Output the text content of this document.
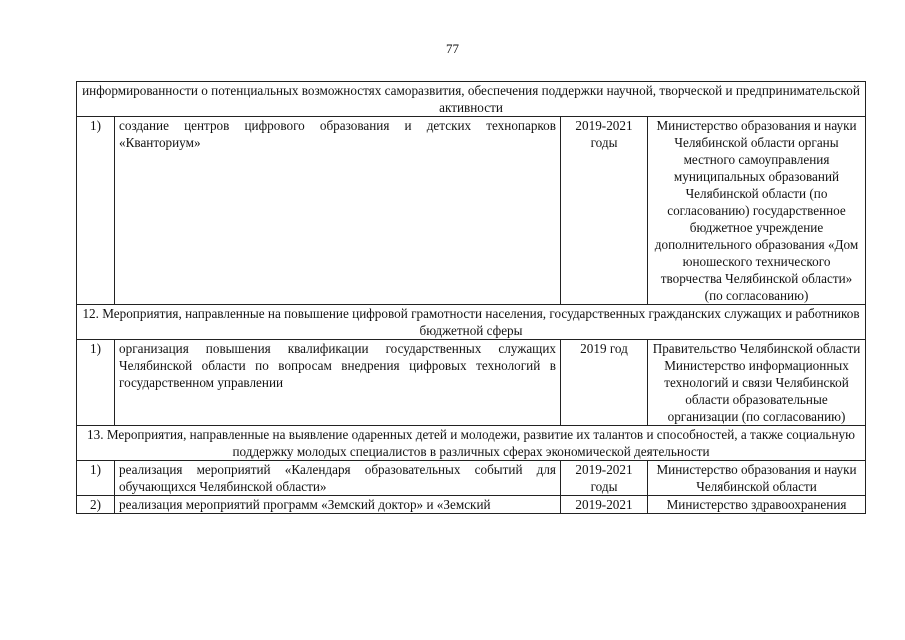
77
информированности о потенциальных возможностях саморазвития, обеспечения поддержки научной, творческой и предпринимательской активности			
1)	создание центров цифрового образования и детских технопарков «Кванториум»	2019-2021 годы	Министерство образования и науки Челябинской области органы местного самоуправления муниципальных образований Челябинской области (по согласованию) государственное бюджетное учреждение дополнительного образования «Дом юношеского технического творчества Челябинской области» (по согласованию)
12. Мероприятия, направленные на повышение цифровой грамотности населения, государственных гражданских служащих и работников бюджетной сферы			
1)	организация повышения квалификации государственных служащих Челябинской области по вопросам внедрения цифровых технологий в государственном управлении	2019 год	Правительство Челябинской области Министерство информационных технологий и связи Челябинской области образовательные организации (по согласованию)
13. Мероприятия, направленные на выявление одаренных детей и молодежи, развитие их талантов и способностей, а также социальную поддержку молодых специалистов в различных сферах экономической деятельности			
1)	реализация мероприятий «Календаря образовательных событий для обучающихся Челябинской области»	2019-2021 годы	Министерство образования и науки Челябинской области
2)	реализация мероприятий программ «Земский доктор» и «Земский	2019-2021	Министерство здравоохранения
